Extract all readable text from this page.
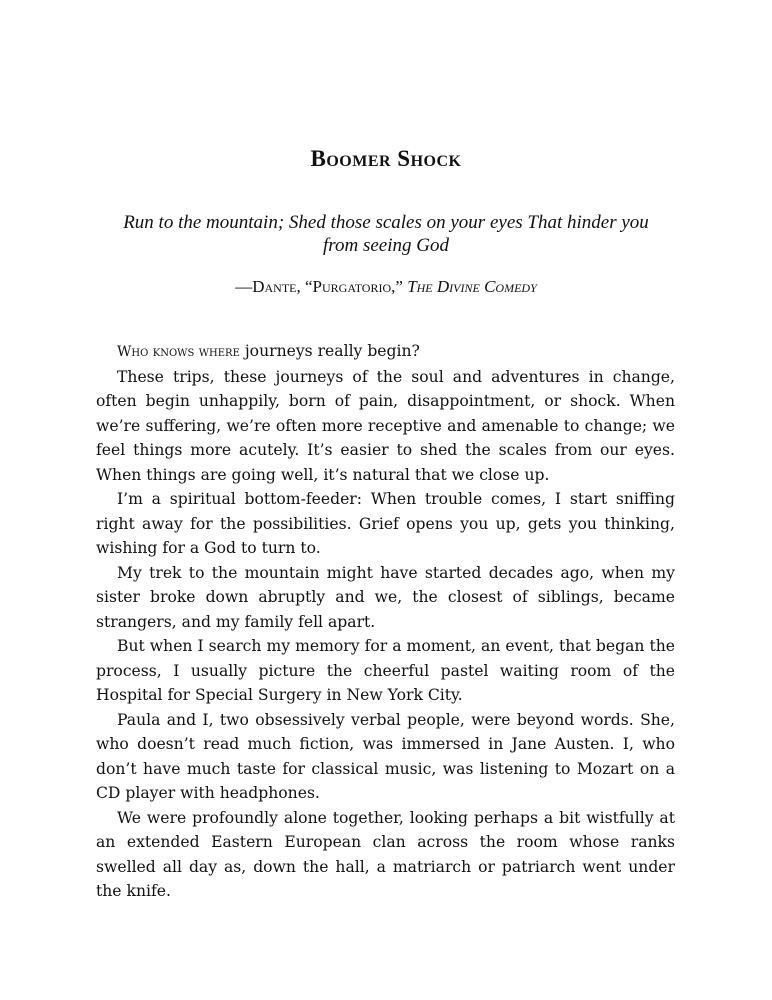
Boomer Shock

Run to the mountain; Shed those scales on your eyes That hinder you from seeing God

—Dante, “Purgatorio,” The Divine Comedy

Who knows where journeys really begin?

These trips, these journeys of the soul and adventures in change, often begin unhappily, born of pain, disappointment, or shock. When we’re suffering, we’re often more receptive and amenable to change; we feel things more acutely. It’s easier to shed the scales from our eyes. When things are going well, it’s natural that we close up.

I’m a spiritual bottom-feeder: When trouble comes, I start sniffing right away for the possibilities. Grief opens you up, gets you thinking, wishing for a God to turn to.

My trek to the mountain might have started decades ago, when my sister broke down abruptly and we, the closest of siblings, became strangers, and my family fell apart.

But when I search my memory for a moment, an event, that began the process, I usually picture the cheerful pastel waiting room of the Hospital for Special Surgery in New York City.

Paula and I, two obsessively verbal people, were beyond words. She, who doesn’t read much fiction, was immersed in Jane Austen. I, who don’t have much taste for classical music, was listening to Mozart on a CD player with headphones.

We were profoundly alone together, looking perhaps a bit wistfully at an extended Eastern European clan across the room whose ranks swelled all day as, down the hall, a matriarch or patriarch went under the knife.
